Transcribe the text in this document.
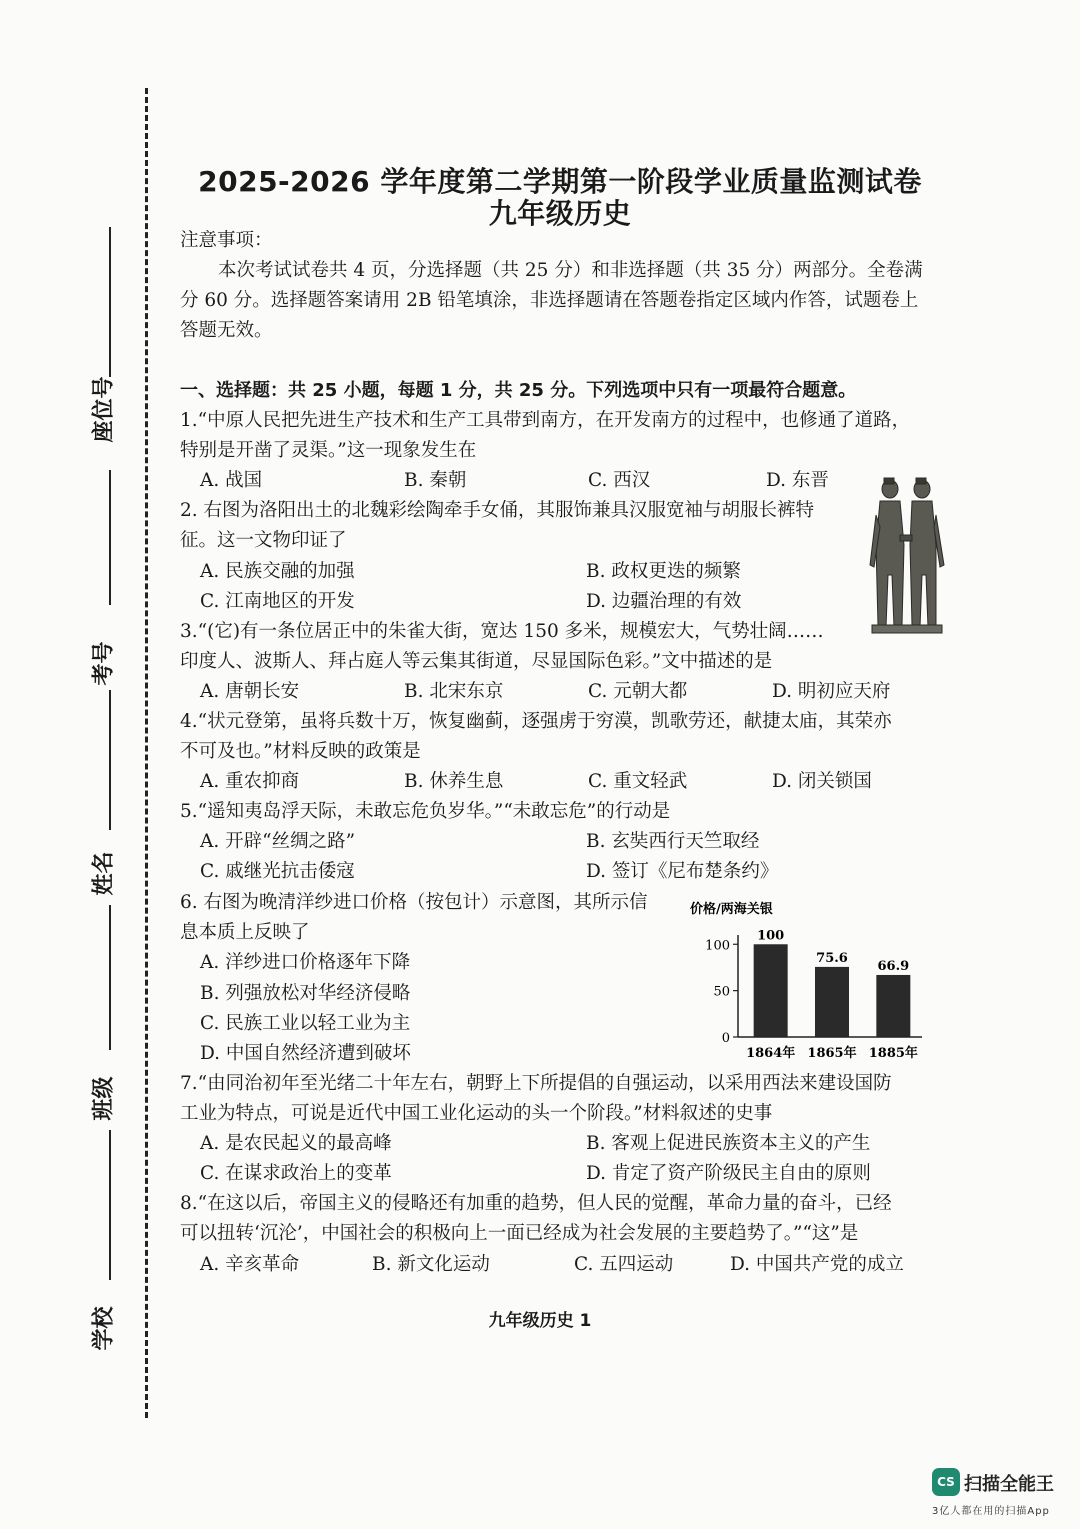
座位号
考号
姓名
班级
学校
2025-2026 学年度第二学期第一阶段学业质量监测试卷
九年级历史
注意事项：
本次考试试卷共 4 页，分选择题（共 25 分）和非选择题（共 35 分）两部分。全卷满
分 60 分。选择题答案请用 2B 铅笔填涂，非选择题请在答题卷指定区域内作答，试题卷上
答题无效。
一、选择题：共 25 小题，每题 1 分，共 25 分。下列选项中只有一项最符合题意。
1.“中原人民把先进生产技术和生产工具带到南方，在开发南方的过程中，也修通了道路，
特别是开凿了灵渠。”这一现象发生在
A. 战国	B. 秦朝	C. 西汉	D. 东晋
2. 右图为洛阳出土的北魏彩绘陶牵手女俑，其服饰兼具汉服宽袖与胡服长裤特
征。这一文物印证了
A. 民族交融的加强	B. 政权更迭的频繁
C. 江南地区的开发	D. 边疆治理的有效
3.“(它)有一条位居正中的朱雀大街，宽达 150 多米，规模宏大，气势壮阔……
印度人、波斯人、拜占庭人等云集其街道，尽显国际色彩。”文中描述的是
A. 唐朝长安	B. 北宋东京	C. 元朝大都	D. 明初应天府
4.“状元登第，虽将兵数十万，恢复幽蓟，逐强虏于穷漠，凯歌劳还，献捷太庙，其荣亦
不可及也。”材料反映的政策是
A. 重农抑商	B. 休养生息	C. 重文轻武	D. 闭关锁国
5.“遥知夷岛浮天际，未敢忘危负岁华。”“未敢忘危”的行动是
A. 开辟“丝绸之路”	B. 玄奘西行天竺取经
C. 戚继光抗击倭寇	D. 签订《尼布楚条约》
6. 右图为晚清洋纱进口价格（按包计）示意图，其所示信
息本质上反映了
A. 洋纱进口价格逐年下降
B. 列强放松对华经济侵略
C. 民族工业以轻工业为主
D. 中国自然经济遭到破坏
价格/两海关银
0
50
100
100
1864年
75.6
1865年
66.9
1885年
7.“由同治初年至光绪二十年左右，朝野上下所提倡的自强运动，以采用西法来建设国防
工业为特点，可说是近代中国工业化运动的头一个阶段。”材料叙述的史事
A. 是农民起义的最高峰	B. 客观上促进民族资本主义的产生
C. 在谋求政治上的变革	D. 肯定了资产阶级民主自由的原则
8.“在这以后，帝国主义的侵略还有加重的趋势，但人民的觉醒，革命力量的奋斗，已经
可以扭转‘沉沦’，中国社会的积极向上一面已经成为社会发展的主要趋势了。”“这”是
A. 辛亥革命	B. 新文化运动	C. 五四运动	D. 中国共产党的成立
九年级历史 1
CS 扫描全能王
3亿人都在用的扫描App
